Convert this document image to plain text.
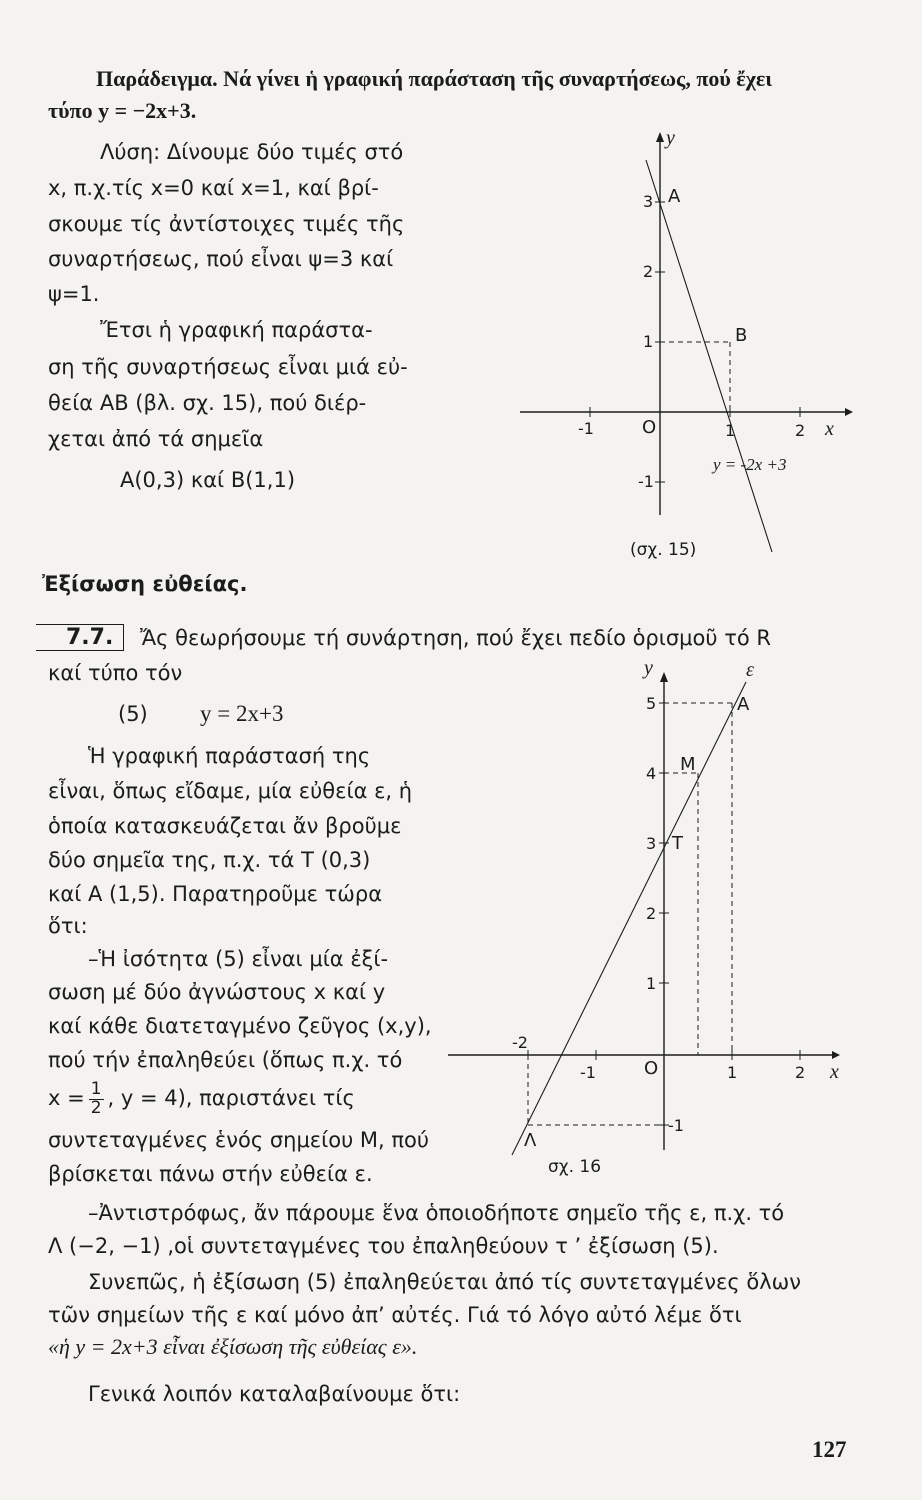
Παράδειγμα. Νά γίνει ἡ γραφική παράσταση τῆς συναρτήσεως, πού ἔχει
τύπο y = −2x+3.
Λύση: Δίνουμε δύο τιμές στό
x, π.χ.τίς x=0 καί x=1, καί βρί-
σκουμε τίς ἀντίστοιχες τιμές τῆς
συναρτήσεως, πού εἶναι ψ=3 καί
ψ=1.
Ἔτσι ἡ γραφική παράστα-
ση τῆς συναρτήσεως εἶναι μιά εὐ-
θεία AB (βλ. σχ. 15), πού διέρ-
χεται ἀπό τά σημεῖα
A(0,3) καί B(1,1)
y
x
O
A
B
y = -2x +3
-1	1	2
1
2
3
-1
(σχ. 15)
Ἐξίσωση εὐθείας.
7.7.	Ἄς θεωρήσουμε τή συνάρτηση, πού ἔχει πεδίο ὁρισμοῦ τό R
καί τύπο τόν
(5) y = 2x+3
Ἡ γραφική παράστασή της
εἶναι, ὅπως εἴδαμε, μία εὐθεία ε, ἡ
ὁποία κατασκευάζεται ἄν βροῦμε
δύο σημεῖα της, π.χ. τά T (0,3)
καί A (1,5). Παρατηροῦμε τώρα
ὅτι:
–Ἡ ἰσότητα (5) εἶναι μία ἐξί-
σωση μέ δύο ἀγνώστους x καί y
καί κάθε διατεταγμένο ζεῦγος (x,y),
πού τήν ἐπαληθεύει (ὅπως π.χ. τό
$x = \frac{1}{2}$ , y = 4), παριστάνει τίς
συντεταγμένες ἑνός σημείου M, πού
βρίσκεται πάνω στήν εὐθεία ε.
y
x
ε
O
A
M
T
Λ
-2
-1	1	2
5
4
3
2
1
-1
σχ. 16
–Ἀντιστρόφως, ἄν πάρουμε ἕνα ὁποιοδήποτε σημεῖο τῆς ε, π.χ. τό
Λ (−2, −1) ,οἱ συντεταγμένες του ἐπαληθεύουν τ ’ ἐξίσωση (5).
Συνεπῶς, ἡ ἐξίσωση (5) ἐπαληθεύεται ἀπό τίς συντεταγμένες ὅλων
τῶν σημείων τῆς ε καί μόνο ἀπ’ αὐτές. Γιά τό λόγο αὐτό λέμε ὅτι
«ἡ y = 2x+3 εἶναι ἐξίσωση τῆς εὐθείας ε».
Γενικά λοιπόν καταλαβαίνουμε ὅτι:
127
